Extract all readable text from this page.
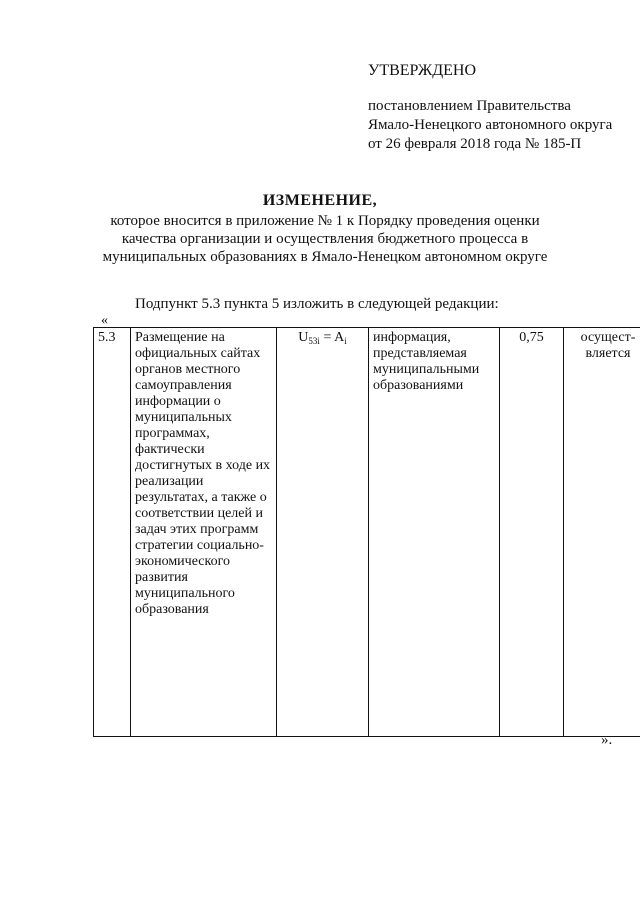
УТВЕРЖДЕНО
постановлением Правительства
Ямало-Ненецкого автономного округа
от 26 февраля 2018 года № 185-П
ИЗМЕНЕНИЕ,
которое вносится в приложение № 1 к Порядку проведения оценки качества организации и осуществления бюджетного процесса в муниципальных образованиях в Ямало-Ненецком автономном округе
Подпункт 5.3 пункта 5 изложить в следующей редакции:
«
5.3	Размещение на официальных сайтах органов местного самоуправления информации о муниципальных программах, фактически достигнутых в ходе их реализации результатах, а также о соответствии целей и задач этих программ стратегии социально-экономического развития муниципального образования	$U_{53i} = A_i$	информация, представляемая муниципальными образованиями	0,75	осущест-вляется
».
